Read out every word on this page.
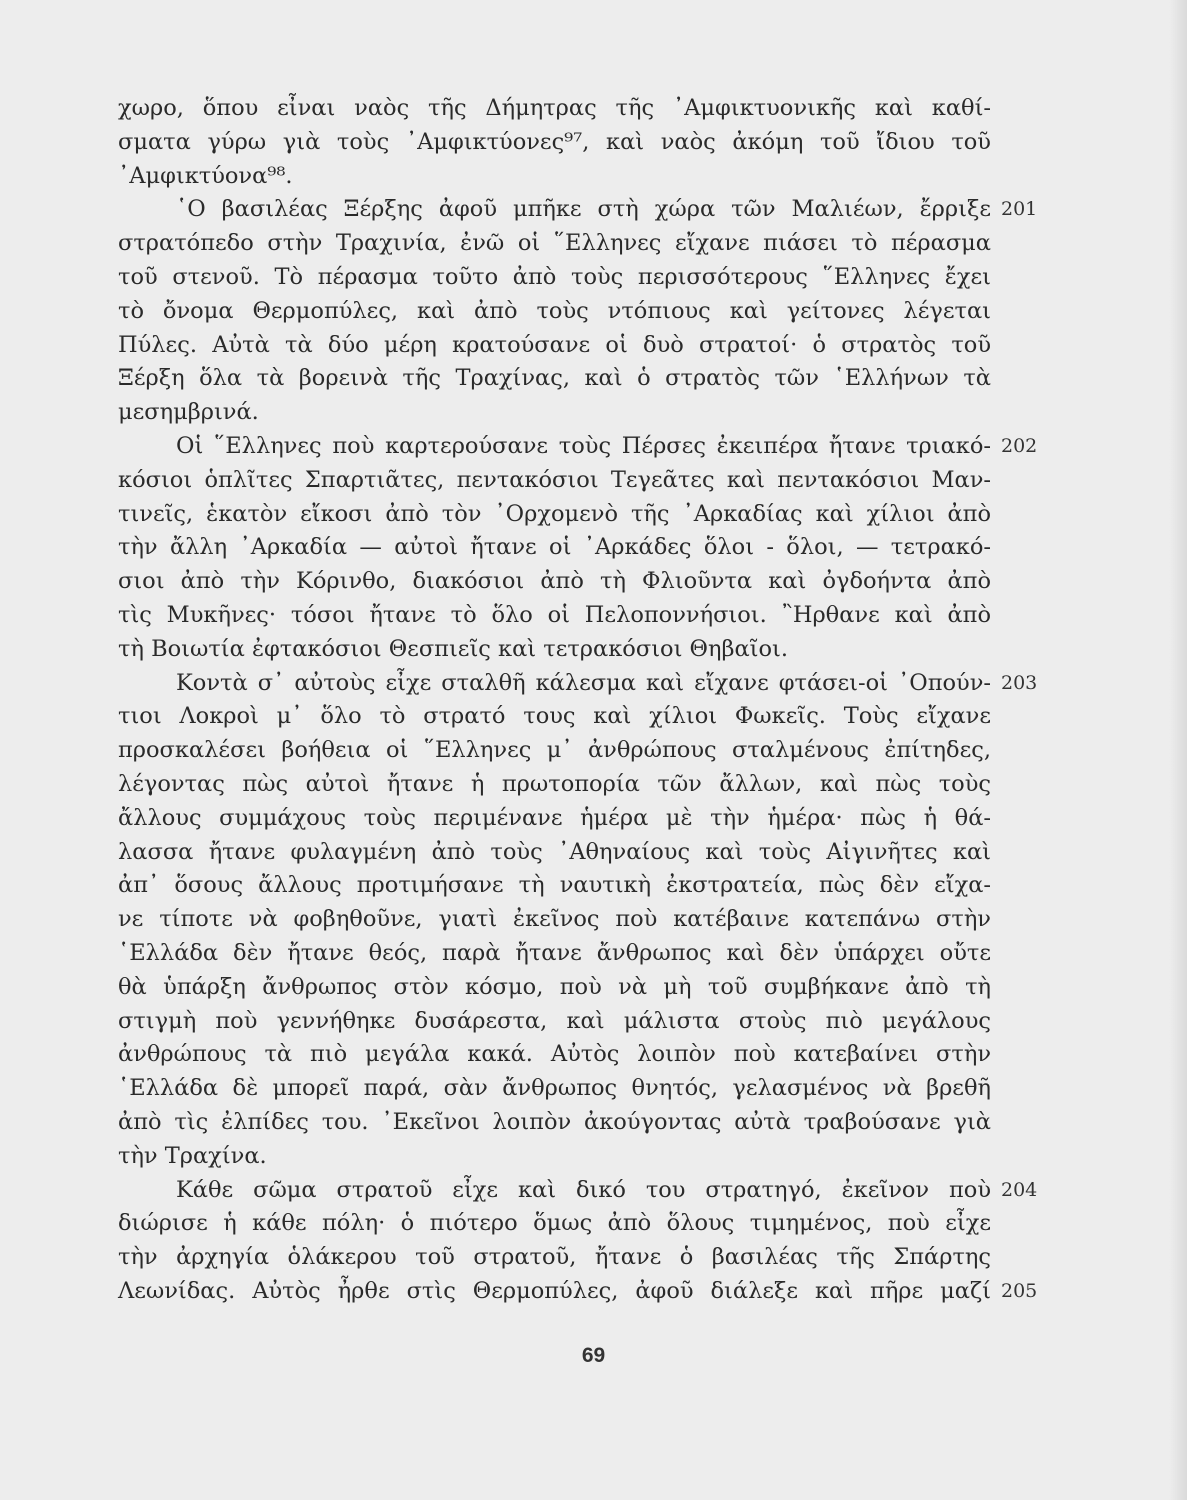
χωρο, ὅπου εἶναι ναὸς τῆς Δήμητρας τῆς ᾿Αμφικτυονικῆς καὶ καθί-
σματα γύρω γιὰ τοὺς ᾿Αμφικτύονες⁹⁷, καὶ ναὸς ἀκόμη τοῦ ἴδιου τοῦ
᾿Αμφικτύονα⁹⁸.
῾Ο βασιλέας Ξέρξης ἀφοῦ μπῆκε στὴ χώρα τῶν Μαλιέων, ἔρριξε 201
στρατόπεδο στὴν Τραχινία, ἐνῶ οἱ ῞Ελληνες εἴχανε πιάσει τὸ πέρασμα
τοῦ στενοῦ. Τὸ πέρασμα τοῦτο ἀπὸ τοὺς περισσότερους ῞Ελληνες ἔχει
τὸ ὄνομα Θερμοπύλες, καὶ ἀπὸ τοὺς ντόπιους καὶ γείτονες λέγεται
Πύλες. Αὐτὰ τὰ δύο μέρη κρατούσανε οἱ δυὸ στρατοί· ὁ στρατὸς τοῦ
Ξέρξη ὅλα τὰ βορεινὰ τῆς Τραχίνας, καὶ ὁ στρατὸς τῶν ῾Ελλήνων τὰ
μεσημβρινά.
Οἱ ῞Ελληνες ποὺ καρτερούσανε τοὺς Πέρσες ἐκειπέρα ἤτανε τριακό- 202
κόσιοι ὁπλῖτες Σπαρτιᾶτες, πεντακόσιοι Τεγεᾶτες καὶ πεντακόσιοι Μαν-
τινεῖς, ἑκατὸν εἴκοσι ἀπὸ τὸν ᾿Ορχομενὸ τῆς ᾿Αρκαδίας καὶ χίλιοι ἀπὸ
τὴν ἄλλη ᾿Αρκαδία — αὐτοὶ ἤτανε οἱ ᾿Αρκάδες ὅλοι - ὅλοι, — τετρακό-
σιοι ἀπὸ τὴν Κόρινθο, διακόσιοι ἀπὸ τὴ Φλιοῦντα καὶ ὀγδοήντα ἀπὸ
τὶς Μυκῆνες· τόσοι ἤτανε τὸ ὅλο οἱ Πελοποννήσιοι. ῍Ηρθανε καὶ ἀπὸ
τὴ Βοιωτία ἐφτακόσιοι Θεσπιεῖς καὶ τετρακόσιοι Θηβαῖοι.
Κοντὰ σ᾿ αὐτοὺς εἶχε σταλθῆ κάλεσμα καὶ εἴχανε φτάσει-οἱ ᾿Οπούν- 203
τιοι Λοκροὶ μ᾿ ὅλο τὸ στρατό τους καὶ χίλιοι Φωκεῖς. Τοὺς εἴχανε
προσκαλέσει βοήθεια οἱ ῞Ελληνες μ᾿ ἀνθρώπους σταλμένους ἐπίτηδες,
λέγοντας πὼς αὐτοὶ ἤτανε ἡ πρωτοπορία τῶν ἄλλων, καὶ πὼς τοὺς
ἄλλους συμμάχους τοὺς περιμένανε ἡμέρα μὲ τὴν ἡμέρα· πὼς ἡ θά-
λασσα ἤτανε φυλαγμένη ἀπὸ τοὺς ᾿Αθηναίους καὶ τοὺς Αἰγινῆτες καὶ
ἀπ᾿ ὅσους ἄλλους προτιμήσανε τὴ ναυτικὴ ἐκστρατεία, πὼς δὲν εἴχα-
νε τίποτε νὰ φοβηθοῦνε, γιατὶ ἐκεῖνος ποὺ κατέβαινε κατεπάνω στὴν
῾Ελλάδα δὲν ἤτανε θεός, παρὰ ἤτανε ἄνθρωπος καὶ δὲν ὑπάρχει οὔτε
θὰ ὑπάρξη ἄνθρωπος στὸν κόσμο, ποὺ νὰ μὴ τοῦ συμβήκανε ἀπὸ τὴ
στιγμὴ ποὺ γεννήθηκε δυσάρεστα, καὶ μάλιστα στοὺς πιὸ μεγάλους
ἀνθρώπους τὰ πιὸ μεγάλα κακά. Αὐτὸς λοιπὸν ποὺ κατεβαίνει στὴν
῾Ελλάδα δὲ μπορεῖ παρά, σὰν ἄνθρωπος θνητός, γελασμένος νὰ βρεθῆ
ἀπὸ τὶς ἐλπίδες του. ᾿Εκεῖνοι λοιπὸν ἀκούγοντας αὐτὰ τραβούσανε γιὰ
τὴν Τραχίνα.
Κάθε σῶμα στρατοῦ εἶχε καὶ δικό του στρατηγό, ἐκεῖνον ποὺ 204
διώρισε ἡ κάθε πόλη· ὁ πιότερο ὅμως ἀπὸ ὅλους τιμημένος, ποὺ εἶχε
τὴν ἀρχηγία ὁλάκερου τοῦ στρατοῦ, ἤτανε ὁ βασιλέας τῆς Σπάρτης
Λεωνίδας. Αὐτὸς ἦρθε στὶς Θερμοπύλες, ἀφοῦ διάλεξε καὶ πῆρε μαζί 205
69
